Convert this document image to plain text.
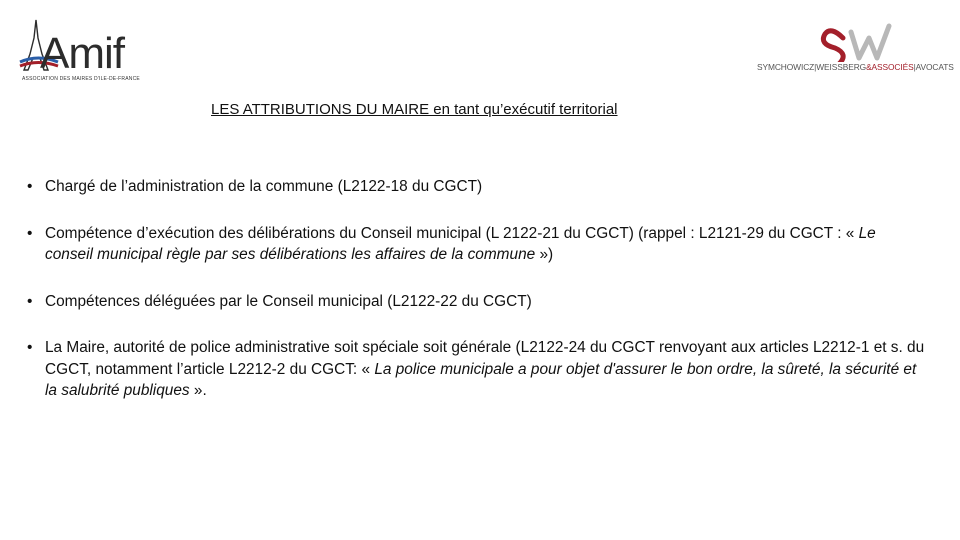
Amif
ASSOCIATION DES MAIRES D'ILE-DE-FRANCE
SYMCHOWICZ|WEISSBERG&ASSOCIÉS|AVOCATS
LES ATTRIBUTIONS DU MAIRE en tant qu’exécutif territorial
• Chargé de l’administration de la commune (L2122-18 du CGCT)
• Compétence d’exécution des délibérations du Conseil municipal (L 2122-21 du CGCT) (rappel : L2121-29 du CGCT : « Le conseil municipal règle par ses délibérations les affaires de la commune »)
• Compétences déléguées par le Conseil municipal (L2122-22 du CGCT)
• La Maire, autorité de police administrative soit spéciale soit générale (L2122-24 du CGCT renvoyant aux articles L2212-1 et s. du CGCT, notamment l’article L2212-2 du CGCT: « La police municipale a pour objet d'assurer le bon ordre, la sûreté, la sécurité et la salubrité publiques ».
